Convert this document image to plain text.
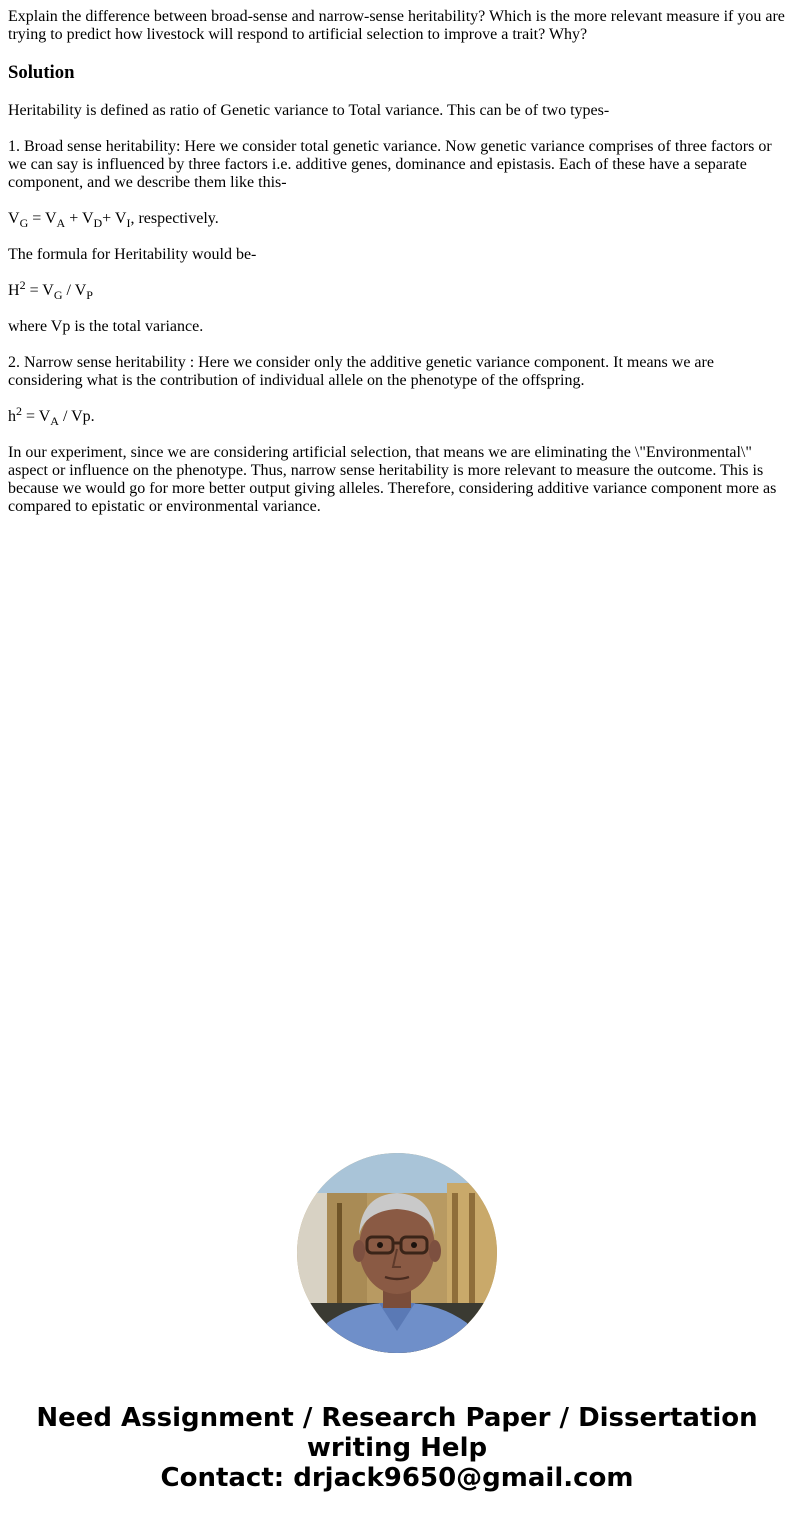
Explain the difference between broad-sense and narrow-sense heritability? Which is the more relevant measure if you are trying to predict how livestock will respond to artificial selection to improve a trait? Why?

Solution

Heritability is defined as ratio of Genetic variance to Total variance. This can be of two types-

1. Broad sense heritability: Here we consider total genetic variance. Now genetic variance comprises of three factors or we can say is influenced by three factors i.e. additive genes, dominance and epistasis. Each of these have a separate component, and we describe them like this-

$V_G = V_A + V_D+ V_I$, respectively.

The formula for Heritability would be-

$H^2 = V_G / V_P$

where Vp is the total variance.

2. Narrow sense heritability : Here we consider only the additive genetic variance component. It means we are considering what is the contribution of individual allele on the phenotype of the offspring.

$h^2 = V_A / Vp$.

In our experiment, since we are considering artificial selection, that means we are eliminating the \"Environmental\" aspect or influence on the phenotype. Thus, narrow sense heritability is more relevant to measure the outcome. This is because we would go for more better output giving alleles. Therefore, considering additive variance component more as compared to epistatic or environmental variance.

Need Assignment / Research Paper / Dissertation
writing Help
Contact: drjack9650@gmail.com
